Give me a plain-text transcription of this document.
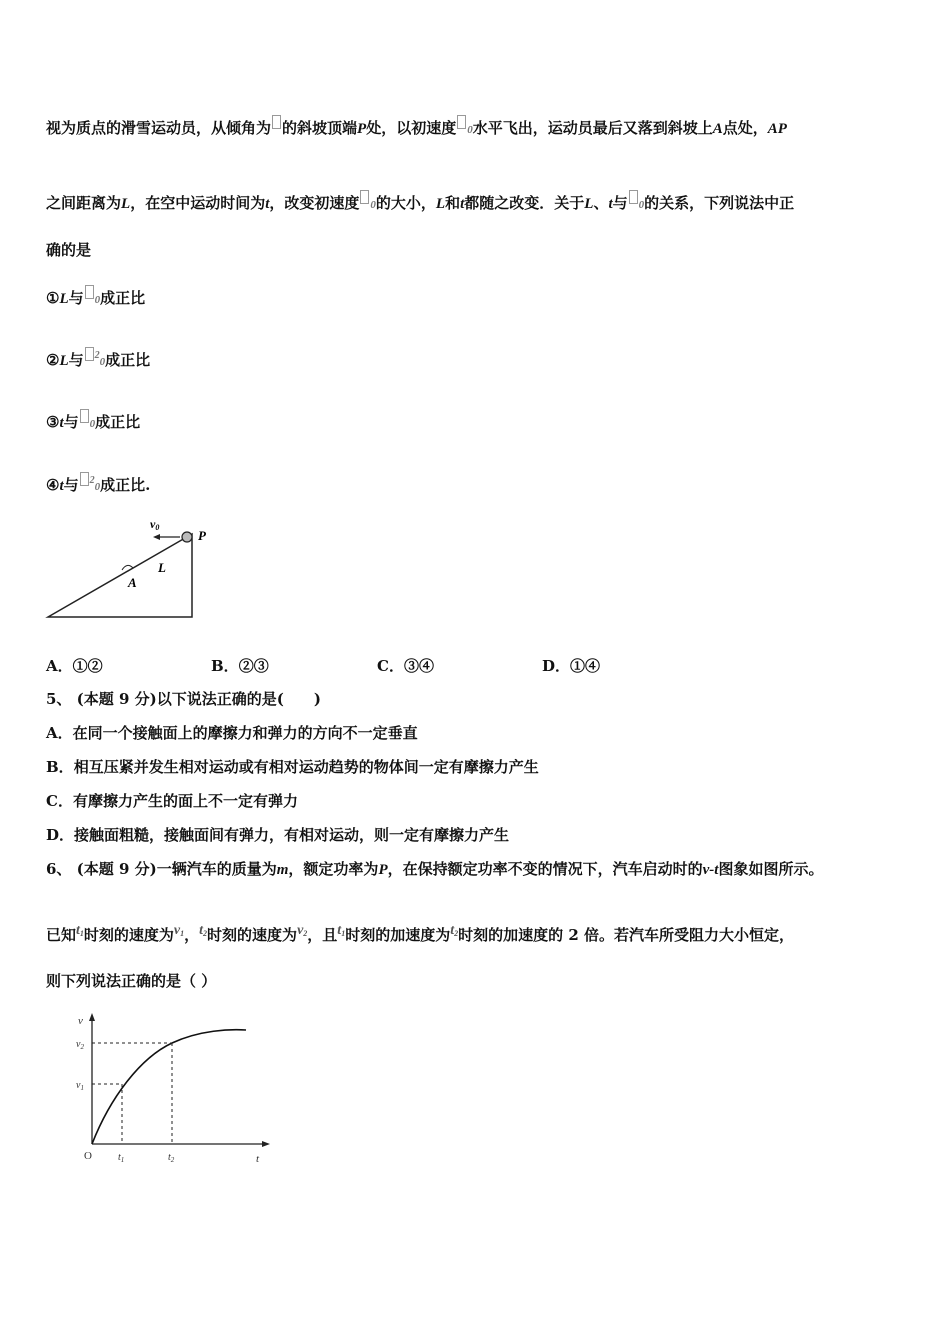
视为质点的滑雪运动员，从倾角为 的斜坡顶端P处，以初速度 0水平飞出，运动员最后又落到斜坡上A点处，AP
之间距离为L，在空中运动时间为t，改变初速度 0的大小，L和t都随之改变．关于L、t与 0的关系，下列说法中正
确的是
①L与 0成正比
②L与 20成正比
③t与 0成正比
④t与 20成正比.
v0
P
L
A
A．①②	B．②③	C．③④	D．①④
5、 (本题 9 分)以下说法正确的是(　　)
A．在同一个接触面上的摩擦力和弹力的方向不一定垂直
B．相互压紧并发生相对运动或有相对运动趋势的物体间一定有摩擦力产生
C．有摩擦力产生的面上不一定有弹力
D．接触面粗糙，接触面间有弹力，有相对运动，则一定有摩擦力产生
6、 (本题 9 分)一辆汽车的质量为m，额定功率为P，在保持额定功率不变的情况下，汽车启动时的v-t图象如图所示。
已知$t_1$时刻的速度为$v_1$，$t_2$时刻的速度为$v_2$，且$t_1$时刻的加速度为$t_2$时刻的加速度的 2 倍。若汽车所受阻力大小恒定，
则下列说法正确的是（ ）
v
t
O
$v_1$
$v_2$
$t_1$	$t_2$
